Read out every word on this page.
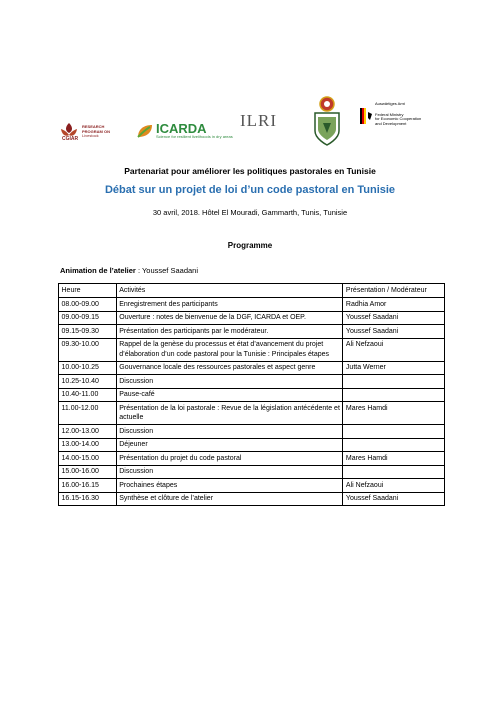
RESEARCH
PROGRAM ON
Livestock
CGIAR
ICARDA
Science for resilient livelihoods in dry areas
ILRI
Auswärtiges Amt
Federal Ministry
for Economic Cooperation
and Development
Partenariat pour améliorer les politiques pastorales en Tunisie
Débat sur un projet de loi d’un code pastoral en Tunisie
30 avril, 2018. Hôtel El Mouradi, Gammarth, Tunis, Tunisie
Programme
Animation de l’atelier : Youssef Saadani
Heure	Activités	Présentation / Modérateur
08.00-09.00	Enregistrement des participants	Radhia Amor
09.00-09.15	Ouverture : notes de bienvenue de la DGF, ICARDA et OEP.	Youssef Saadani
09.15-09.30	Présentation des participants par le modérateur.	Youssef Saadani
09.30-10.00	Rappel de la genèse du processus et état d’avancement du projet d’élaboration d’un code pastoral pour la Tunisie : Principales étapes	Ali Nefzaoui
10.00-10.25	Gouvernance locale des ressources pastorales et aspect genre	Jutta Werner
10.25-10.40	Discussion	
10.40-11.00	Pause-café	
11.00-12.00	Présentation de la loi pastorale : Revue de la législation antécédente et actuelle	Mares Hamdi
12.00-13.00	Discussion	
13.00-14.00	Déjeuner	
14.00-15.00	Présentation du projet du code pastoral	Mares Hamdi
15.00-16.00	Discussion	
16.00-16.15	Prochaines étapes	Ali Nefzaoui
16.15-16.30	Synthèse et clôture de l’atelier	Youssef Saadani
